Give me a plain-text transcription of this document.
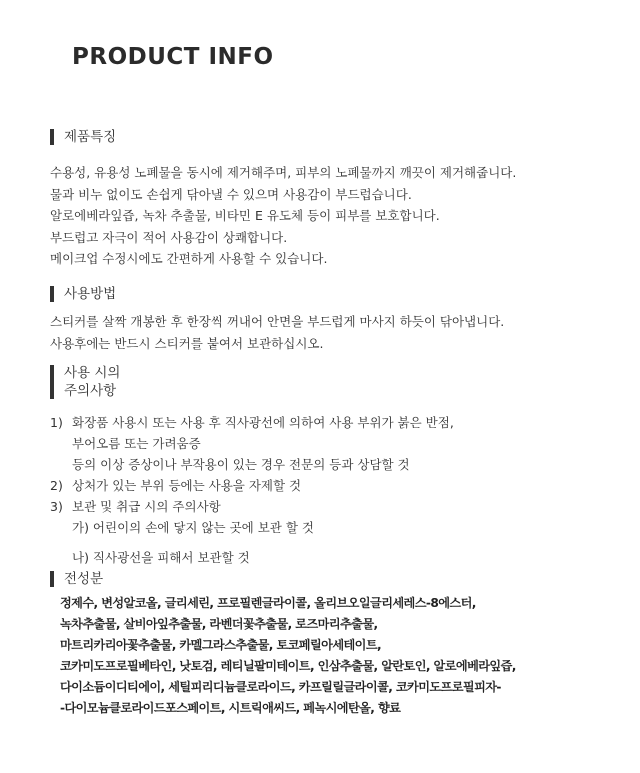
PRODUCT INFO
제품특징
수용성, 유용성 노폐물을 동시에 제거해주며, 피부의 노폐물까지 깨끗이 제거해줍니다.
물과 비누 없이도 손쉽게 닦아낼 수 있으며 사용감이 부드럽습니다.
알로에베라잎즙, 녹차 추출물, 비타민 E 유도체 등이 피부를 보호합니다.
부드럽고 자극이 적어 사용감이 상쾌합니다.
메이크업 수정시에도 간편하게 사용할 수 있습니다.
사용방법
스티커를 살짝 개봉한 후 한장씩 꺼내어 안면을 부드럽게 마사지 하듯이 닦아냅니다.
사용후에는 반드시 스티커를 붙여서 보관하십시오.
사용 시의
주의사항
1) 화장품 사용시 또는 사용 후 직사광선에 의하여 사용 부위가 붉은 반점,
부어오름 또는 가려움증
등의 이상 증상이나 부작용이 있는 경우 전문의 등과 상담할 것
2) 상처가 있는 부위 등에는 사용을 자제할 것
3) 보관 및 취급 시의 주의사항
가) 어린이의 손에 닿지 않는 곳에 보관 할 것
나) 직사광선을 피해서 보관할 것
전성분
정제수, 변성알코올, 글리세린, 프로필렌글라이콜, 올리브오일글리세레스-8에스터,
녹차추출물, 살비아잎추출물, 라벤더꽃추출물, 로즈마리추출물,
마트리카리아꽃추출물, 카멜그라스추출물, 토코페릴아세테이트,
코카미도프로필베타인, 낫토검, 레티닐팔미테이트, 인삼추출물, 알란토인, 알로에베라잎즙,
다이소듐이디티에이, 세틸피리디늄클로라이드, 카프릴릴글라이콜, 코카미도프로필피자-
-다이모늄클로라이드포스페이트, 시트릭애씨드, 페녹시에탄올, 향료
